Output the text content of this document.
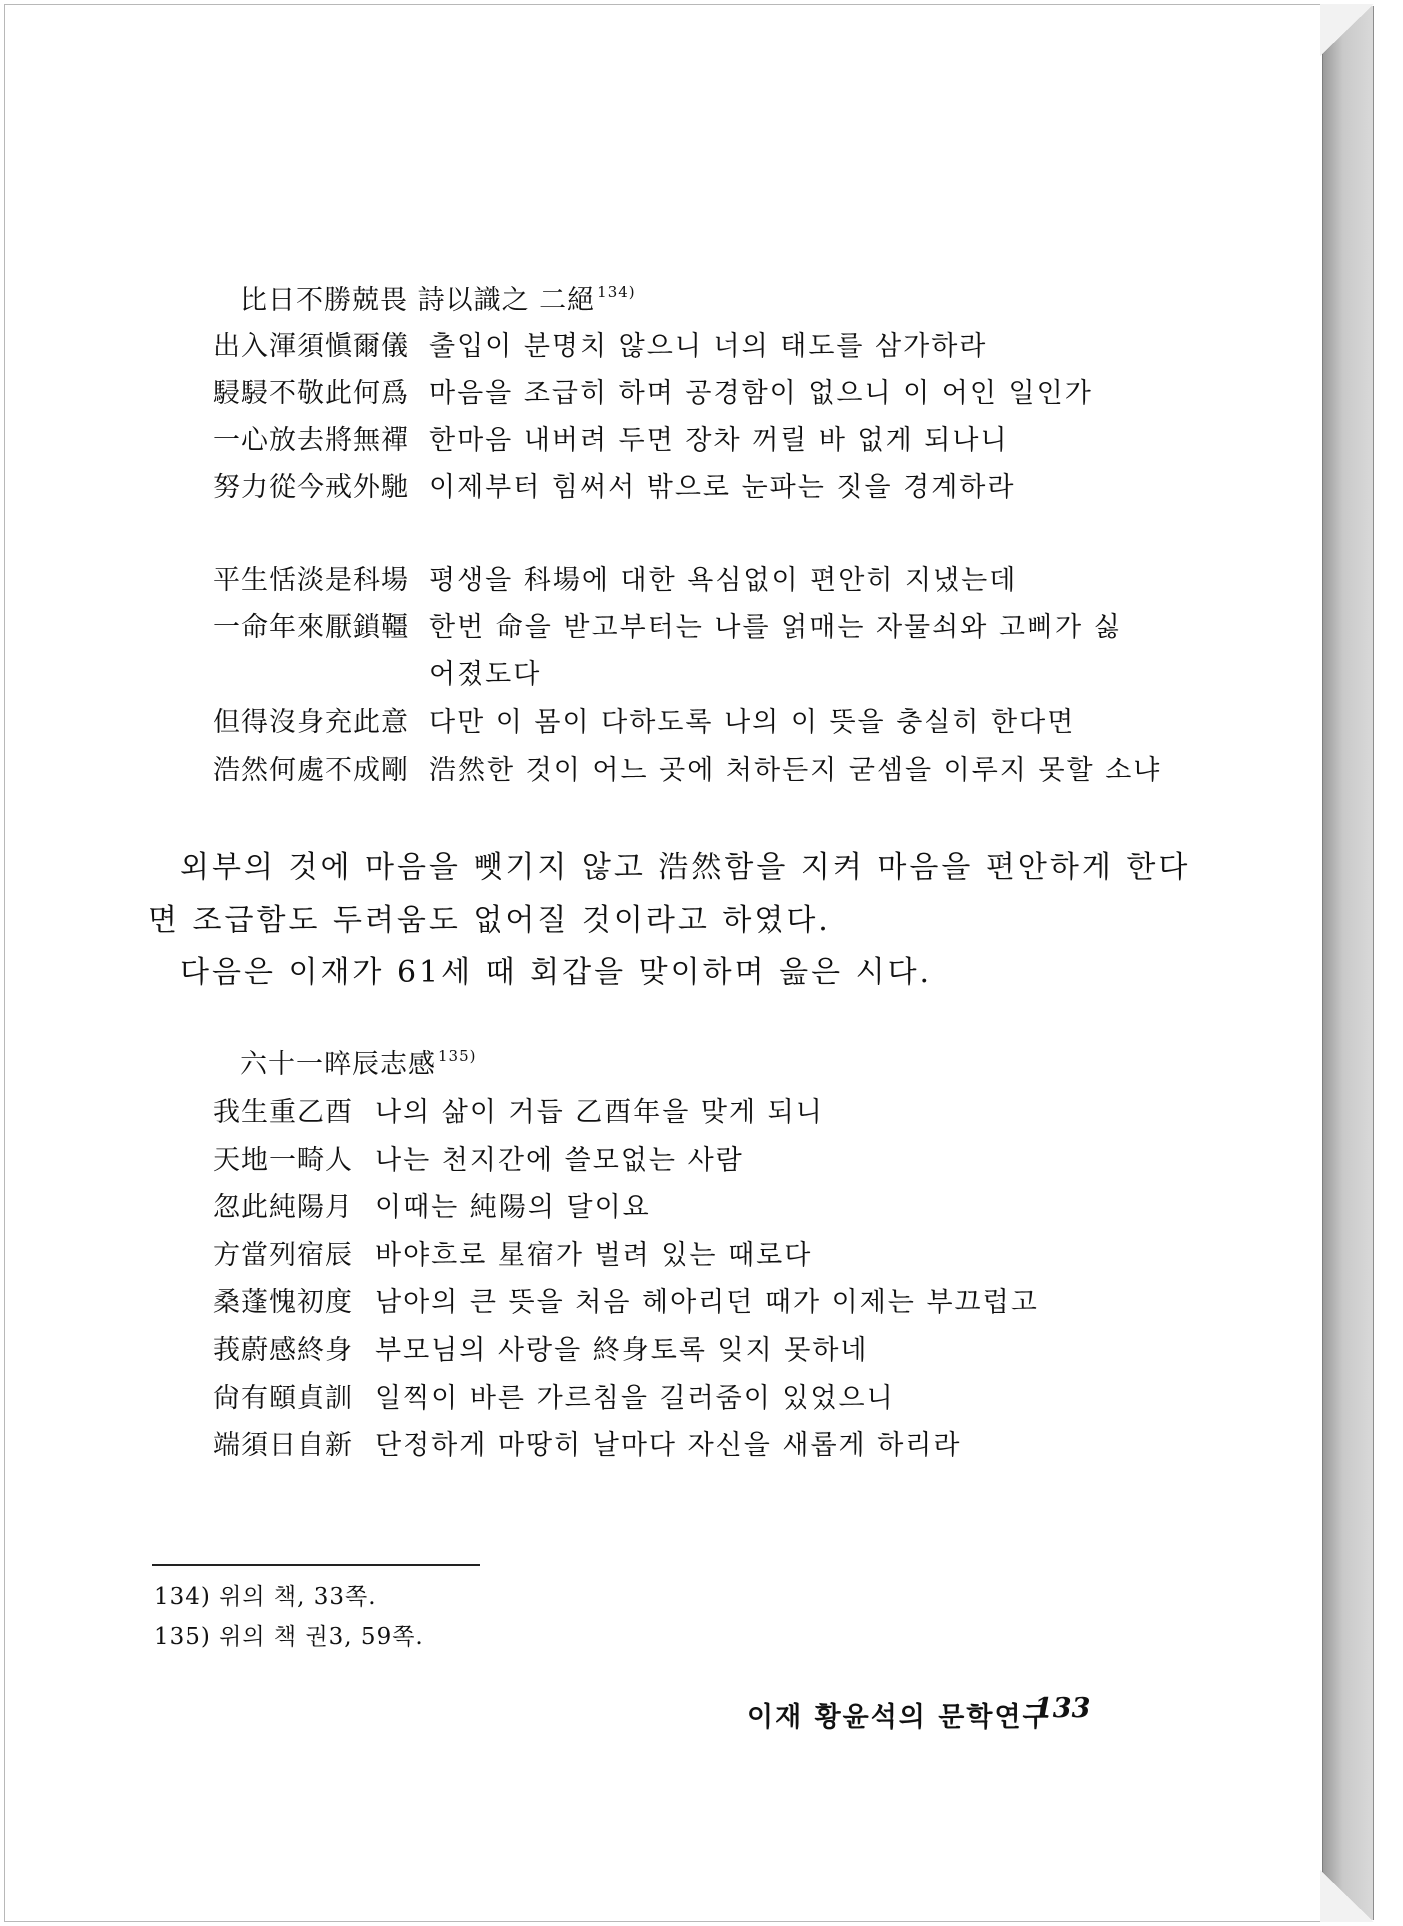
比日不勝兢畏 詩以識之 二絕 $^{134)}$
出入渾須愼爾儀 출입이 분명치 않으니 너의 태도를 삼가하라
駸駸不敬此何爲 마음을 조급히 하며 공경함이 없으니 이 어인 일인가
一心放去將無禪 한마음 내버려 두면 장차 꺼릴 바 없게 되나니
努力從今戒外馳 이제부터 힘써서 밖으로 눈파는 짓을 경계하라
平生恬淡是科場 평생을 科場에 대한 욕심없이 편안히 지냈는데
一命年來厭鎖韁 한번 命을 받고부터는 나를 얽매는 자물쇠와 고삐가 싫
어졌도다
但得沒身充此意 다만 이 몸이 다하도록 나의 이 뜻을 충실히 한다면
浩然何處不成剛 浩然한 것이 어느 곳에 처하든지 굳셈을 이루지 못할 소냐
외부의 것에 마음을 뺏기지 않고 浩然함을 지켜 마음을 편안하게 한다
면 조급함도 두려움도 없어질 것이라고 하였다.
다음은 이재가 61세 때 회갑을 맞이하며 읊은 시다.
六十一晬辰志感 $^{135)}$
我生重乙酉 나의 삶이 거듭 乙酉年을 맞게 되니
天地一畸人 나는 천지간에 쓸모없는 사람
忽此純陽月 이때는 純陽의 달이요
方當列宿辰 바야흐로 星宿가 벌려 있는 때로다
桑蓬愧初度 남아의 큰 뜻을 처음 헤아리던 때가 이제는 부끄럽고
莪蔚感終身 부모님의 사랑을 終身토록 잊지 못하네
尙有頤貞訓 일찍이 바른 가르침을 길러줌이 있었으니
端須日自新 단정하게 마땅히 날마다 자신을 새롭게 하리라
134) 위의 책, 33쪽.
135) 위의 책 권3, 59쪽.
이재 황윤석의 문학연구
133
